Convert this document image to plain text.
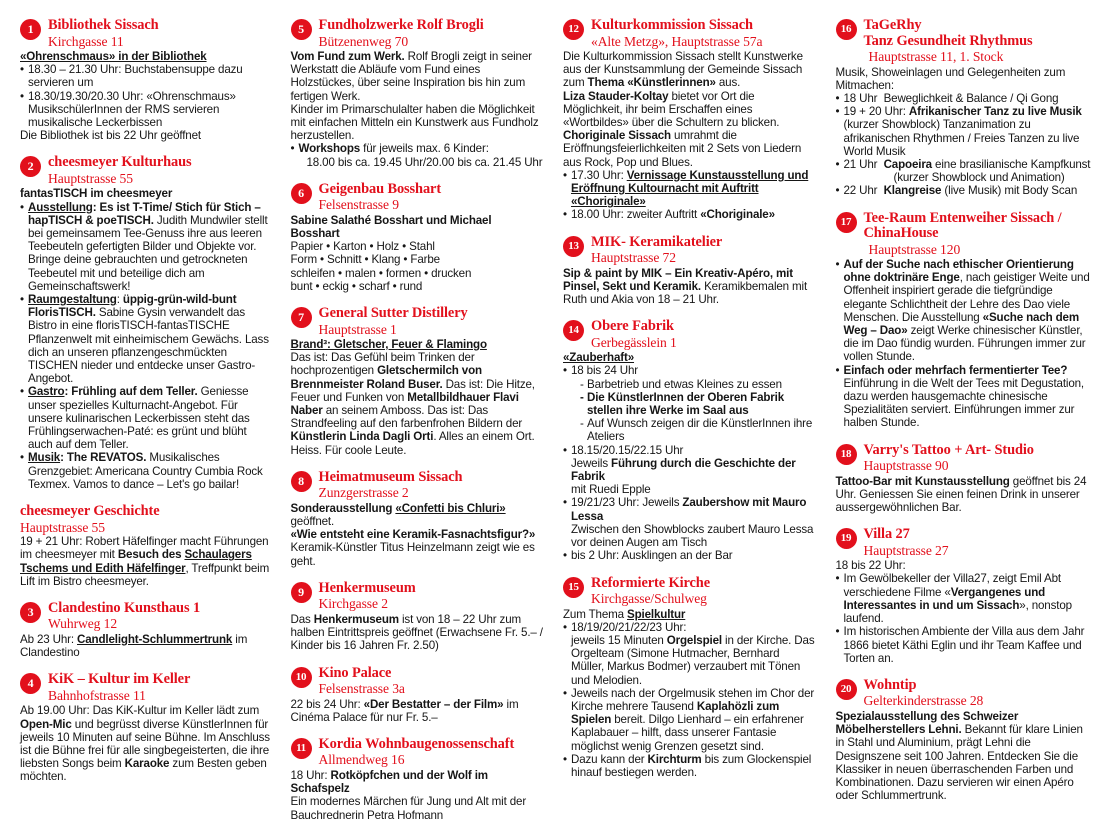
1	Bibliothek Sissach
Kirchgasse 11

«Ohrenschmaus» in der Bibliothek

• 18.30 – 21.30 Uhr: Buchstabensuppe dazu servieren um
• 18.30/19.30/20.30 Uhr: «Ohrenschmaus» MusikschülerInnen der RMS servieren musikalische Leckerbissen

Die Bibliothek ist bis 22 Uhr geöffnet

2	cheesmeyer Kulturhaus
Hauptstrasse 55

fantasTISCH im cheesmeyer

• Ausstellung: Es ist T-Time/ Stich für Stich – hapTISCH & poeTISCH. Judith Mundwiler stellt bei gemeinsamem Tee-Genuss ihre aus leeren Teebeuteln gefertigten Bilder und Objekte vor. Bringe deine gebrauchten und getrockneten Teebeutel mit und beteilige dich am Gemeinschaftswerk!
• Raumgestaltung: üppig-grün-wild-bunt FlorisTISCH. Sabine Gysin verwandelt das Bistro in eine florisTISCH-fantasTISCHE Pflanzenwelt mit einheimischem Gewächs. Lass dich an unseren pflanzengeschmückten TISCHEN nieder und entdecke unser Gastro-Angebot.
• Gastro: Frühling auf dem Teller. Geniesse unser spezielles Kulturnacht-Angebot. Für unsere kulinarischen Leckerbissen steht das Frühlingserwachen-Paté: es grünt und blüht auch auf dem Teller.
• Musik: The REVATOS. Musikalisches Grenzgebiet: Americana Country Cumbia Rock Texmex. Vamos to dance – Let's go bailar!
cheesmeyer Geschichte
Hauptstrasse 55

19 + 21 Uhr: Robert Häfelfinger macht Führungen im cheesmeyer mit Besuch des Schaulagers Tschems und Edith Häfelfinger, Treffpunkt beim Lift im Bistro cheesmeyer.

3	Clandestino Kunsthaus 1
Wuhrweg 12

Ab 23 Uhr: Candlelight-Schlummertrunk im Clandestino

4	KiK – Kultur im Keller
Bahnhofstrasse 11

Ab 19.00 Uhr: Das KiK-Kultur im Keller lädt zum Open-Mic und begrüsst diverse KünstlerInnen für jeweils 10 Minuten auf seine Bühne. Im Anschluss ist die Bühne frei für alle singbegeisterten, die ihre liebsten Songs beim Karaoke zum Besten geben möchten.

5	Fundholzwerke Rolf Brogli
Bützenenweg 70

Vom Fund zum Werk. Rolf Brogli zeigt in seiner Werkstatt die Abläufe vom Fund eines Holzstückes, über seine Inspiration bis hin zum fertigen Werk.

Kinder im Primarschulalter haben die Möglichkeit mit einfachen Mitteln ein Kunstwerk aus Fundholz herzustellen.

• Workshops für jeweils max. 6 Kinder:
18.00 bis ca. 19.45 Uhr/20.00 bis ca. 21.45 Uhr
6	Geigenbau Bosshart
Felsenstrasse 9

Sabine Salathé Bosshart und Michael Bosshart

Papier • Karton • Holz • Stahl

Form • Schnitt • Klang • Farbe

schleifen • malen • formen • drucken

bunt • eckig • scharf • rund

7	General Sutter Distillery
Hauptstrasse 1

Brand³: Gletscher, Feuer & Flamingo

Das ist: Das Gefühl beim Trinken der hochprozentigen Gletschermilch von Brennmeister Roland Buser. Das ist: Die Hitze, Feuer und Funken von Metallbildhauer Flavi Naber an seinem Amboss. Das ist: Das Strandfeeling auf den farbenfrohen Bildern der Künstlerin Linda Dagli Orti. Alles an einem Ort. Heiss. Für coole Leute.

8	Heimatmuseum Sissach
Zunzgerstrasse 2

Sonderausstellung «Confetti bis Chluri» geöffnet.

«Wie entsteht eine Keramik-Fasnachtsfigur?»

Keramik-Künstler Titus Heinzelmann zeigt wie es geht.

9	Henkermuseum
Kirchgasse 2

Das Henkermuseum ist von 18 – 22 Uhr zum halben Eintrittspreis geöffnet (Erwachsene Fr. 5.– / Kinder bis 16 Jahren Fr. 2.50)

10 Kino Palace
Felsenstrasse 3a

22 bis 24 Uhr: «Der Bestatter – der Film» im Cinéma Palace für nur Fr. 5.–

11 Kordia Wohnbaugenossenschaft
Allmendweg 16

18 Uhr: Rotköpfchen und der Wolf im Schafspelz

Ein modernes Märchen für Jung und Alt mit der Bauchrednerin Petra Hofmann

12 Kulturkommission Sissach
«Alte Metzg», Hauptstrasse 57a

Die Kulturkommission Sissach stellt Kunstwerke aus der Kunstsammlung der Gemeinde Sissach zum Thema «Künstlerinnen» aus.

Liza Stauder-Koltay bietet vor Ort die Möglichkeit, ihr beim Erschaffen eines «Wortbildes» über die Schultern zu blicken.

Choriginale Sissach umrahmt die Eröffnungsfeierlichkeiten mit 2 Sets von Liedern aus Rock, Pop und Blues.

• 17.30 Uhr: Vernissage Kunstausstellung und Eröffnung Kultournacht mit Auftritt «Choriginale»
• 18.00 Uhr: zweiter Auftritt «Choriginale»
13 MIK- Keramikatelier
Hauptstrasse 72

Sip & paint by MIK – Ein Kreativ-Apéro, mit Pinsel, Sekt und Keramik. Keramikbemalen mit Ruth und Akia von 18 – 21 Uhr.

14 Obere Fabrik
Gerbegässlein 1

«Zauberhaft»

• 18 bis 24 Uhr
- Barbetrieb und etwas Kleines zu essen
- Die KünstlerInnen der Oberen Fabrik stellen ihre Werke im Saal aus
- Auf Wunsch zeigen dir die KünstlerInnen ihre Ateliers
• 18.15/20.15/22.15 Uhr
Jeweils Führung durch die Geschichte der Fabrik
mit Ruedi Epple
• 19/21/23 Uhr: Jeweils Zaubershow mit Mauro Lessa
Zwischen den Showblocks zaubert Mauro Lessa vor deinen Augen am Tisch
• bis 2 Uhr: Ausklingen an der Bar
15 Reformierte Kirche
Kirchgasse/Schulweg

Zum Thema Spielkultur

• 18/19/20/21/22/23 Uhr:
jeweils 15 Minuten Orgelspiel in der Kirche. Das Orgelteam (Simone Hutmacher, Bernhard Müller, Markus Bodmer) verzaubert mit Tönen und Melodien.
• Jeweils nach der Orgelmusik stehen im Chor der Kirche mehrere Tausend Kaplahözli zum Spielen bereit. Dilgo Lienhard – ein erfahrener Kaplabauer – hilft, dass unserer Fantasie möglichst wenig Grenzen gesetzt sind.
• Dazu kann der Kirchturm bis zum Glockenspiel hinauf bestiegen werden.
16 TaGeRhy
Tanz Gesundheit Rhythmus
Hauptstrasse 11, 1. Stock

Musik, Showeinlagen und Gelegenheiten zum Mitmachen:

• 18 Uhr Beweglichkeit & Balance / Qi Gong
• 19 + 20 Uhr: Afrikanischer Tanz zu live Musik (kurzer Showblock) Tanzanimation zu afrikanischen Rhythmen / Freies Tanzen zu live World Musik
• 21 Uhr Capoeira eine brasilianische Kampfkunst
(kurzer Showblock und Animation)
• 22 Uhr Klangreise (live Musik) mit Body Scan
17 Tee-Raum Entenweiher Sissach /
ChinaHouse
Hauptstrasse 120
• Auf der Suche nach ethischer Orientierung ohne doktrinäre Enge, nach geistiger Weite und Offenheit inspiriert gerade die tiefgründige elegante Schlichtheit der Lehre des Dao viele Menschen. Die Ausstellung «Suche nach dem Weg – Dao» zeigt Werke chinesischer Künstler, die im Dao fündig wurden. Führungen immer zur vollen Stunde.
• Einfach oder mehrfach fermentierter Tee?
Einführung in die Welt der Tees mit Degustation, dazu werden hausgemachte chinesische Spezialitäten serviert. Einführungen immer zur halben Stunde.
18 Varry's Tattoo + Art- Studio
Hauptstrasse 90

Tattoo-Bar mit Kunstausstellung geöffnet bis 24 Uhr. Geniessen Sie einen feinen Drink in unserer aussergewöhnlichen Bar.

19 Villa 27
Hauptstrasse 27

18 bis 22 Uhr:

• Im Gewölbekeller der Villa27, zeigt Emil Abt verschiedene Filme «Vergangenes und Interessantes in und um Sissach», nonstop laufend.
• Im historischen Ambiente der Villa aus dem Jahr 1866 bietet Käthi Eglin und ihr Team Kaffee und Torten an.
20 Wohntip
Gelterkinderstrasse 28

Spezialausstellung des Schweizer Möbelherstellers Lehni. Bekannt für klare Linien in Stahl und Aluminium, prägt Lehni die Designszene seit 100 Jahren. Entdecken Sie die Klassiker in neuen überraschenden Farben und Kombinationen. Dazu servieren wir einen Apéro oder Schlummertrunk.
